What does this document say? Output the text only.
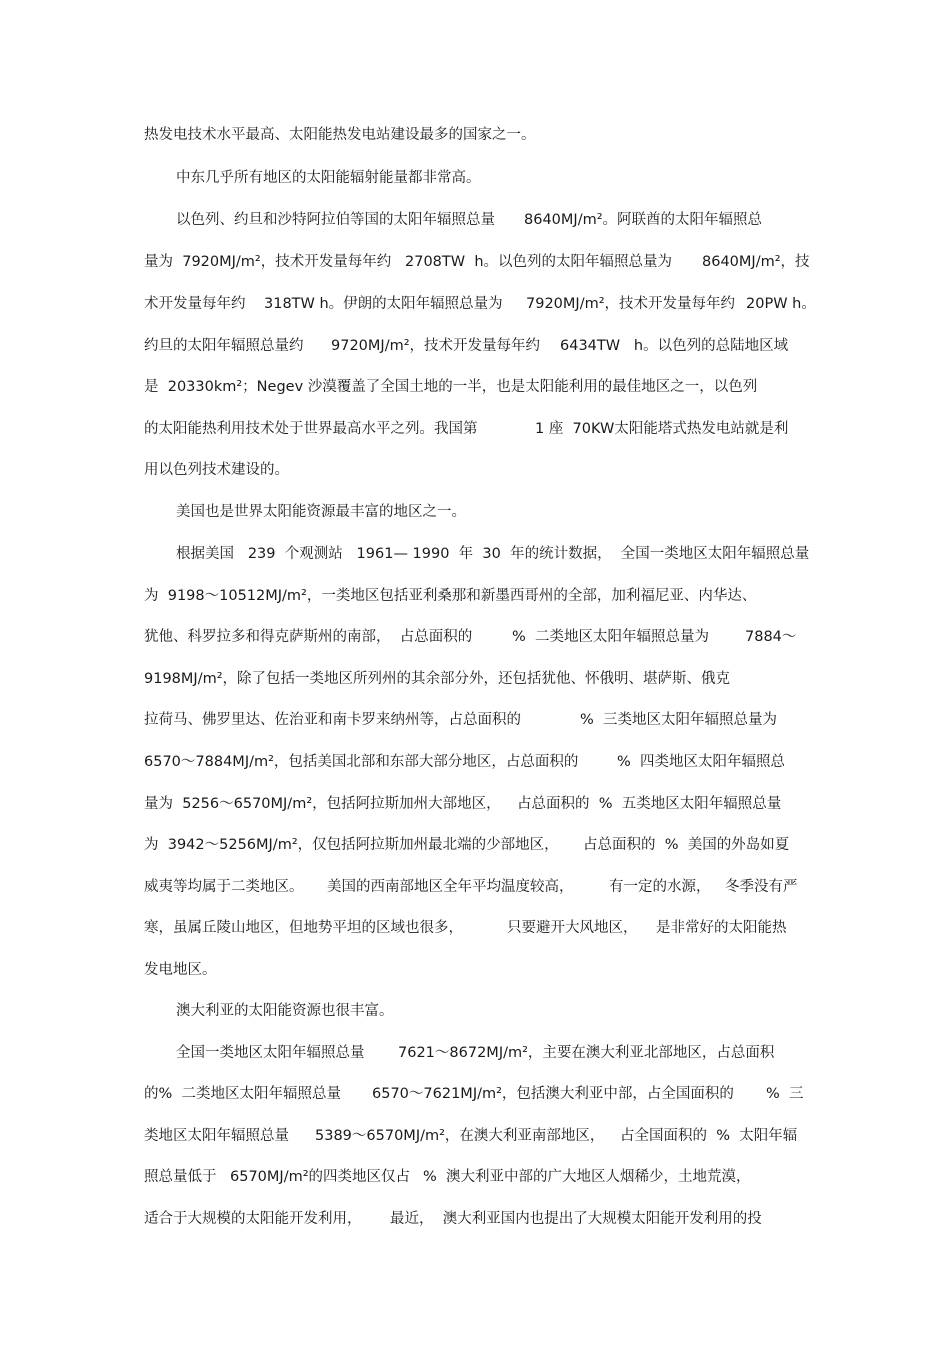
热发电技术水平最高、太阳能热发电站建设最多的国家之一。
中东几乎所有地区的太阳能辐射能量都非常高。
以色列、约旦和沙特阿拉伯等国的太阳年辐照总量 8640MJ/m²。阿联酋的太阳年辐照总
量为  7920MJ/m²，技术开发量每年约 2708TW  h。以色列的太阳年辐照总量为 8640MJ/m²，技
术开发量每年约 318TW h。伊朗的太阳年辐照总量为 7920MJ/m²，技术开发量每年约 20PW h。
约旦的太阳年辐照总量约 9720MJ/m²，技术开发量每年约 6434TW   h。以色列的总陆地区域
是  20330km²；Negev 沙漠覆盖了全国土地的一半，也是太阳能利用的最佳地区之一，以色列
的太阳能热利用技术处于世界最高水平之列。我国第	1 座  70KW太阳能塔式热发电站就是利
用以色列技术建设的。
美国也是世界太阳能资源最丰富的地区之一。
根据美国   239  个观测站   1961— 1990  年  30  年的统计数据，  全国一类地区太阳年辐照总量
为  9198～10512MJ/m²，一类地区包括亚利桑那和新墨西哥州的全部，加利福尼亚、内华达、
犹他、科罗拉多和得克萨斯州的南部，  占总面积的	%  二类地区太阳年辐照总量为 7884～
9198MJ/m²，除了包括一类地区所列州的其余部分外，还包括犹他、怀俄明、堪萨斯、俄克
拉荷马、佛罗里达、佐治亚和南卡罗来纳州等，占总面积的	%  三类地区太阳年辐照总量为
6570～7884MJ/m²，包括美国北部和东部大部分地区，占总面积的	%  四类地区太阳年辐照总
量为  5256～6570MJ/m²，包括阿拉斯加州大部地区， 占总面积的  %  五类地区太阳年辐照总量
为  3942～5256MJ/m²，仅包括阿拉斯加州最北端的少部地区， 占总面积的  %  美国的外岛如夏
威夷等均属于二类地区。 美国的西南部地区全年平均温度较高， 有一定的水源， 冬季没有严
寒，虽属丘陵山地区，但地势平坦的区域也很多，	只要避开大风地区， 是非常好的太阳能热
发电地区。
澳大利亚的太阳能资源也很丰富。
全国一类地区太阳年辐照总量 7621～8672MJ/m²，主要在澳大利亚北部地区，占总面积
的%  二类地区太阳年辐照总量 6570～7621MJ/m²，包括澳大利亚中部，占全国面积的 %  三
类地区太阳年辐照总量 5389～6570MJ/m²，在澳大利亚南部地区， 占全国面积的  %  太阳年辐
照总量低于 6570MJ/m²的四类地区仅占 %  澳大利亚中部的广大地区人烟稀少，土地荒漠，
适合于大规模的太阳能开发利用， 最近，  澳大利亚国内也提出了大规模太阳能开发利用的投
